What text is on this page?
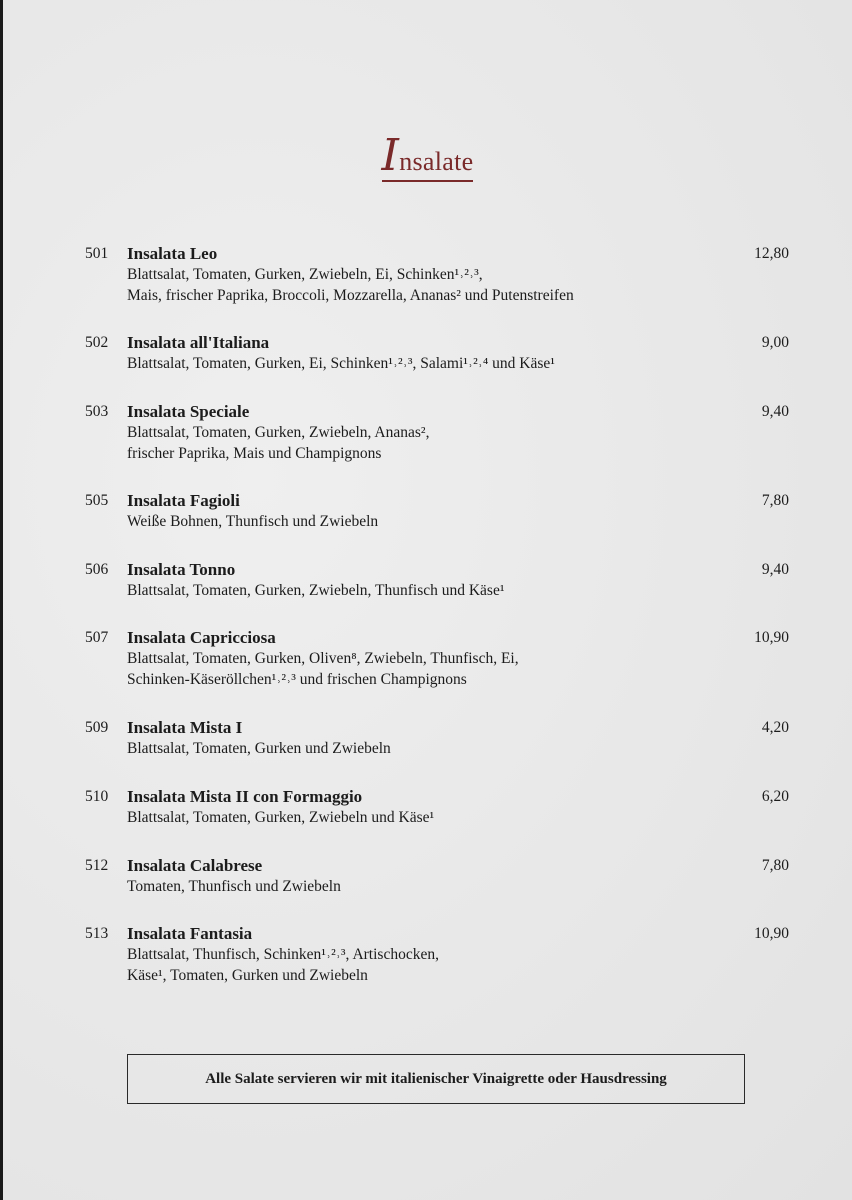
Insalate
501 Insalata Leo
Blattsalat, Tomaten, Gurken, Zwiebeln, Ei, Schinken¹˒²˒³,
Mais, frischer Paprika, Broccoli, Mozzarella, Ananas² und Putenstreifen
12,80
502 Insalata all'Italiana
Blattsalat, Tomaten, Gurken, Ei, Schinken¹˒²˒³, Salami¹˒²˒⁴ und Käse¹
9,00
503 Insalata Speciale
Blattsalat, Tomaten, Gurken, Zwiebeln, Ananas²,
frischer Paprika, Mais und Champignons
9,40
505 Insalata Fagioli
Weiße Bohnen, Thunfisch und Zwiebeln
7,80
506 Insalata Tonno
Blattsalat, Tomaten, Gurken, Zwiebeln, Thunfisch und Käse¹
9,40
507 Insalata Capricciosa
Blattsalat, Tomaten, Gurken, Oliven⁸, Zwiebeln, Thunfisch, Ei,
Schinken-Käseröllchen¹˒²˒³ und frischen Champignons
10,90
509 Insalata Mista I
Blattsalat, Tomaten, Gurken und Zwiebeln
4,20
510 Insalata Mista II con Formaggio
Blattsalat, Tomaten, Gurken, Zwiebeln und Käse¹
6,20
512 Insalata Calabrese
Tomaten, Thunfisch und Zwiebeln
7,80
513 Insalata Fantasia
Blattsalat, Thunfisch, Schinken¹˒²˒³, Artischocken,
Käse¹, Tomaten, Gurken und Zwiebeln
10,90
Alle Salate servieren wir mit italienischer Vinaigrette oder Hausdressing
